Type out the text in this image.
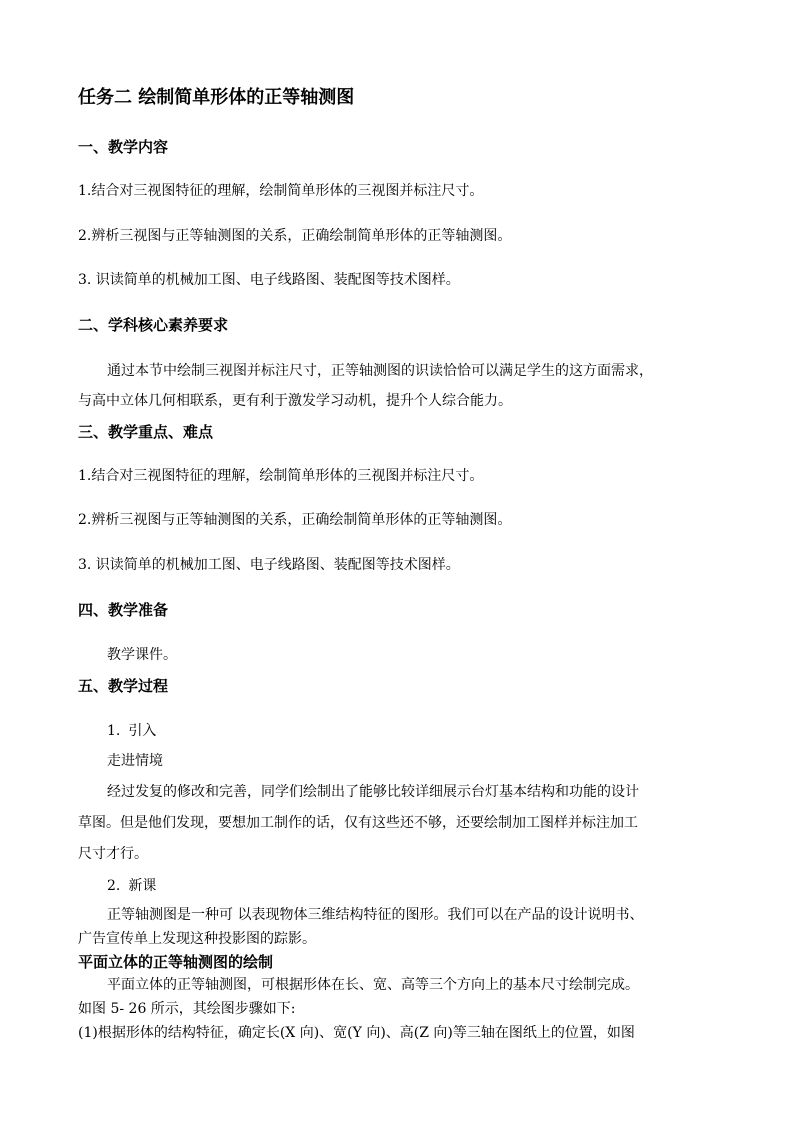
任务二 绘制简单形体的正等轴测图
一、教学内容
1.结合对三视图特征的理解，绘制简单形体的三视图并标注尺寸。
2.辨析三视图与正等轴测图的关系，正确绘制简单形体的正等轴测图。
3. 识读简单的机械加工图、电子线路图、装配图等技术图样。
二、学科核心素养要求
通过本节中绘制三视图并标注尺寸，正等轴测图的识读恰恰可以满足学生的这方面需求，
与高中立体几何相联系，更有利于激发学习动机，提升个人综合能力。
三、教学重点、难点
1.结合对三视图特征的理解，绘制简单形体的三视图并标注尺寸。
2.辨析三视图与正等轴测图的关系，正确绘制简单形体的正等轴测图。
3. 识读简单的机械加工图、电子线路图、装配图等技术图样。
四、教学准备
教学课件。
五、教学过程
1. 引入
走进情境
经过发复的修改和完善，同学们绘制出了能够比较详细展示台灯基本结构和功能的设计
草图。但是他们发现，要想加工制作的话，仅有这些还不够，还要绘制加工图样并标注加工
尺寸才行。
2. 新课
正等轴测图是一种可 以表现物体三维结构特征的图形。我们可以在产品的设计说明书、
广告宣传单上发现这种投影图的踪影。
平面立体的正等轴测图的绘制
平面立体的正等轴测图，可根据形体在长、宽、高等三个方向上的基本尺寸绘制完成。
如图 5- 26 所示，其绘图步骤如下:
(1)根据形体的结构特征，确定长(X 向)、宽(Y 向)、高(Z 向)等三轴在图纸上的位置，如图
